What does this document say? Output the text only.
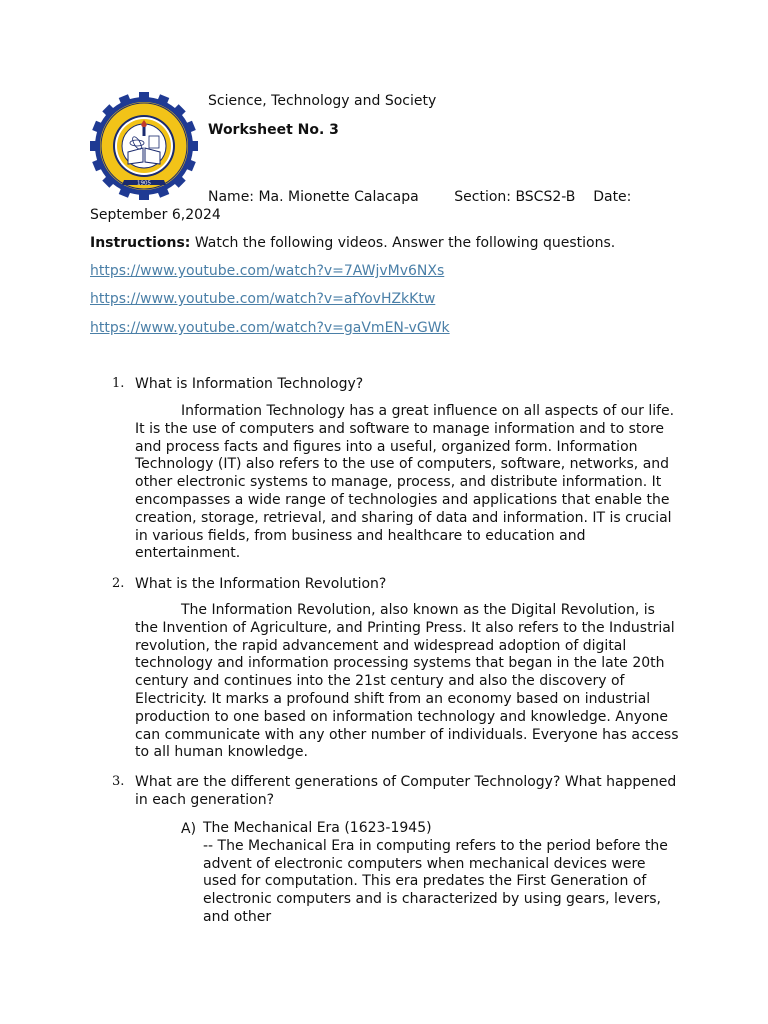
1905
Science, Technology and Society
Worksheet No. 3
Name: Ma. Mionette Calacapa        Section: BSCS2-B    Date:
September 6,2024
Instructions: Watch the following videos. Answer the following questions.
https://www.youtube.com/watch?v=7AWjvMv6NXs
https://www.youtube.com/watch?v=afYovHZkKtw
https://www.youtube.com/watch?v=gaVmEN-vGWk
1. What is Information Technology?
Information Technology has a great influence on all aspects of our life. It is the use of computers and software to manage information and to store and process facts and figures into a useful, organized form. Information Technology (IT) also refers to the use of computers, software, networks, and other electronic systems to manage, process, and distribute information. It encompasses a wide range of technologies and applications that enable the creation, storage, retrieval, and sharing of data and information. IT is crucial in various fields, from business and healthcare to education and entertainment.
2. What is the Information Revolution?
The Information Revolution, also known as the Digital Revolution, is the Invention of Agriculture, and Printing Press. It also refers to the Industrial revolution, the rapid advancement and widespread adoption of digital technology and information processing systems that began in the late 20th century and continues into the 21st century and also the discovery of Electricity. It marks a profound shift from an economy based on industrial production to one based on information technology and knowledge. Anyone can communicate with any other number of individuals. Everyone has access to all human knowledge.
3. What are the different generations of Computer Technology? What happened in each generation?
A) The Mechanical Era (1623-1945)
-- The Mechanical Era in computing refers to the period before the advent of electronic computers when mechanical devices were used for computation. This era predates the First Generation of electronic computers and is characterized by using gears, levers, and other
